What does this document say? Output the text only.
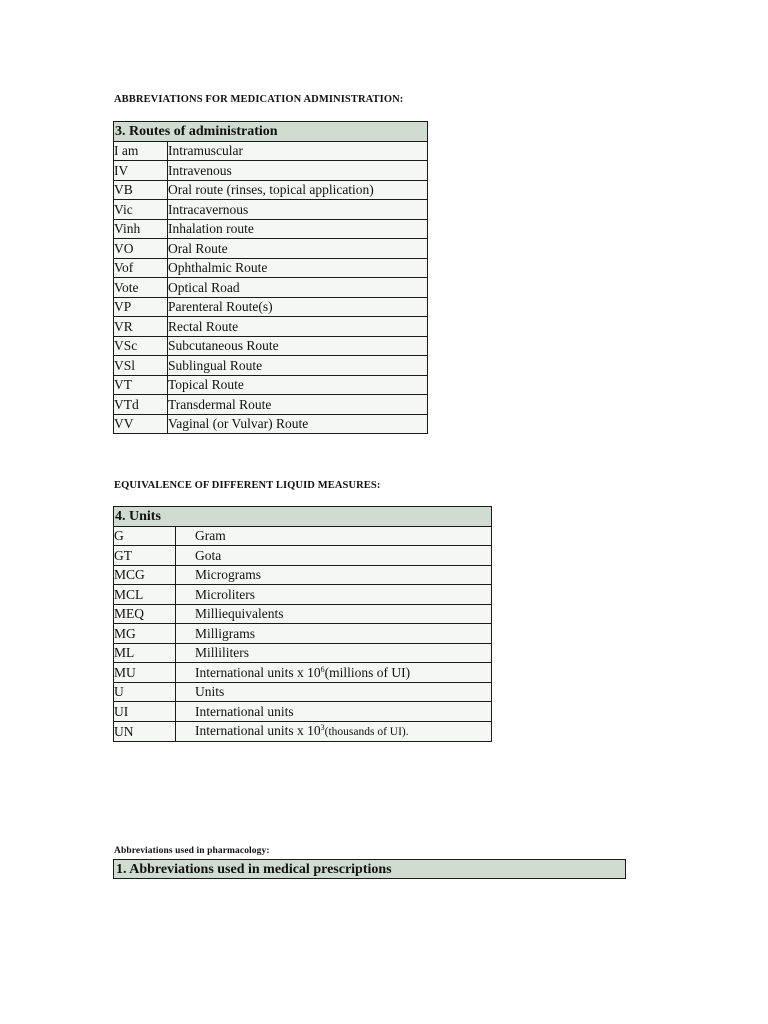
ABBREVIATIONS FOR MEDICATION ADMINISTRATION:
3. Routes of administration	
I am	Intramuscular
IV	Intravenous
VB	Oral route (rinses, topical application)
Vic	Intracavernous
Vinh	Inhalation route
VO	Oral Route
Vof	Ophthalmic Route
Vote	Optical Road
VP	Parenteral Route(s)
VR	Rectal Route
VSc	Subcutaneous Route
VSl	Sublingual Route
VT	Topical Route
VTd	Transdermal Route
VV	Vaginal (or Vulvar) Route
EQUIVALENCE OF DIFFERENT LIQUID MEASURES:
4. Units	
G	Gram
GT	Gota
MCG	Micrograms
MCL	Microliters
MEQ	Milliequivalents
MG	Milligrams
ML	Milliliters
MU	International units x $10^6(millions$ of UI)
U	Units
UI	International units
UN	International units x $10^3(thousands$ of UI).
Abbreviations used in pharmacology:
1. Abbreviations used in medical prescriptions
